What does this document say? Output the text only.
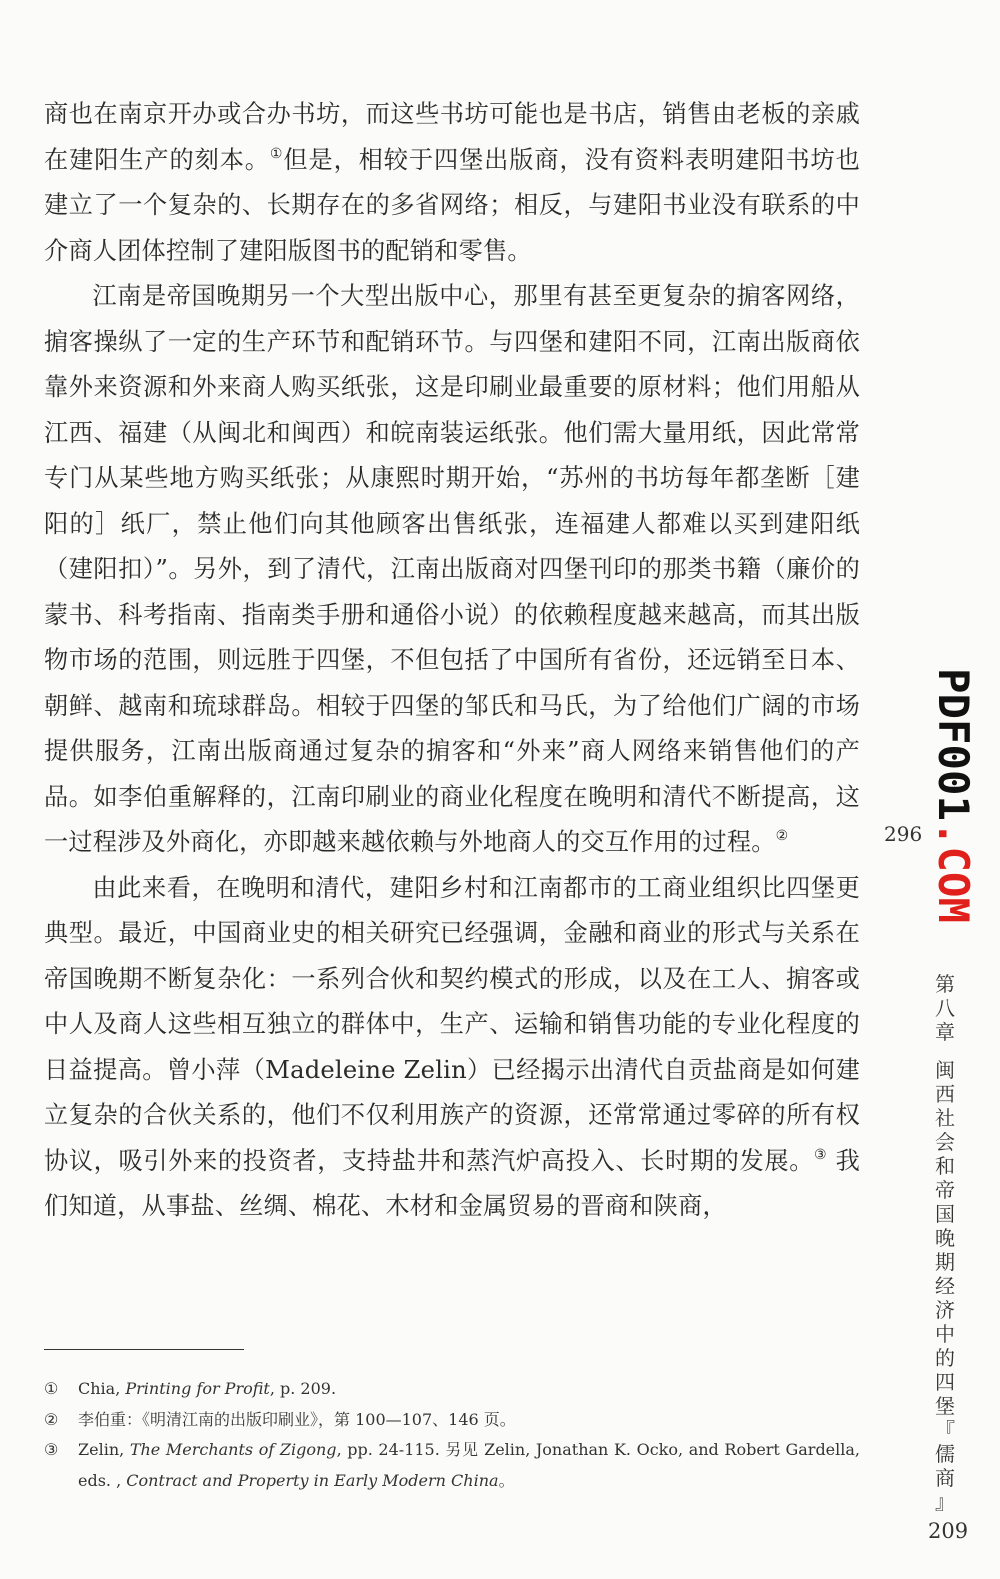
商也在南京开办或合办书坊，而这些书坊可能也是书店，销售由老板的亲戚在建阳生产的刻本。①但是，相较于四堡出版商，没有资料表明建阳书坊也建立了一个复杂的、长期存在的多省网络；相反，与建阳书业没有联系的中介商人团体控制了建阳版图书的配销和零售。

江南是帝国晚期另一个大型出版中心，那里有甚至更复杂的掮客网络，掮客操纵了一定的生产环节和配销环节。与四堡和建阳不同，江南出版商依靠外来资源和外来商人购买纸张，这是印刷业最重要的原材料；他们用船从江西、福建（从闽北和闽西）和皖南装运纸张。他们需大量用纸，因此常常专门从某些地方购买纸张；从康熙时期开始，“苏州的书坊每年都垄断［建阳的］纸厂，禁止他们向其他顾客出售纸张，连福建人都难以买到建阳纸（建阳扣）”。另外，到了清代，江南出版商对四堡刊印的那类书籍（廉价的蒙书、科考指南、指南类手册和通俗小说）的依赖程度越来越高，而其出版物市场的范围，则远胜于四堡，不但包括了中国所有省份，还远销至日本、朝鲜、越南和琉球群岛。相较于四堡的邹氏和马氏，为了给他们广阔的市场提供服务，江南出版商通过复杂的掮客和“外来”商人网络来销售他们的产品。如李伯重解释的，江南印刷业的商业化程度在晚明和清代不断提高，这一过程涉及外商化，亦即越来越依赖与外地商人的交互作用的过程。②

由此来看，在晚明和清代，建阳乡村和江南都市的工商业组织比四堡更典型。最近，中国商业史的相关研究已经强调，金融和商业的形式与关系在帝国晚期不断复杂化：一系列合伙和契约模式的形成，以及在工人、掮客或中人及商人这些相互独立的群体中，生产、运输和销售功能的专业化程度的日益提高。曾小萍（Madeleine Zelin）已经揭示出清代自贡盐商是如何建立复杂的合伙关系的，他们不仅利用族产的资源，还常常通过零碎的所有权协议，吸引外来的投资者，支持盐井和蒸汽炉高投入、长时期的发展。③ 我们知道，从事盐、丝绸、棉花、木材和金属贸易的晋商和陕商，

①	Chia, Printing for Profit, p. 209.
②	李伯重：《明清江南的出版印刷业》，第 100—107、146 页。
③	Zelin, The Merchants of Zigong, pp. 24-115. 另见 Zelin, Jonathan K. Ocko, and Robert Gardella, eds. , Contract and Property in Early Modern China。
296
209
第
八
章
闽
西
社
会
和
帝
国
晚
期
经
济
中
的
四
堡
『
儒
商
』
PDF001.COM
